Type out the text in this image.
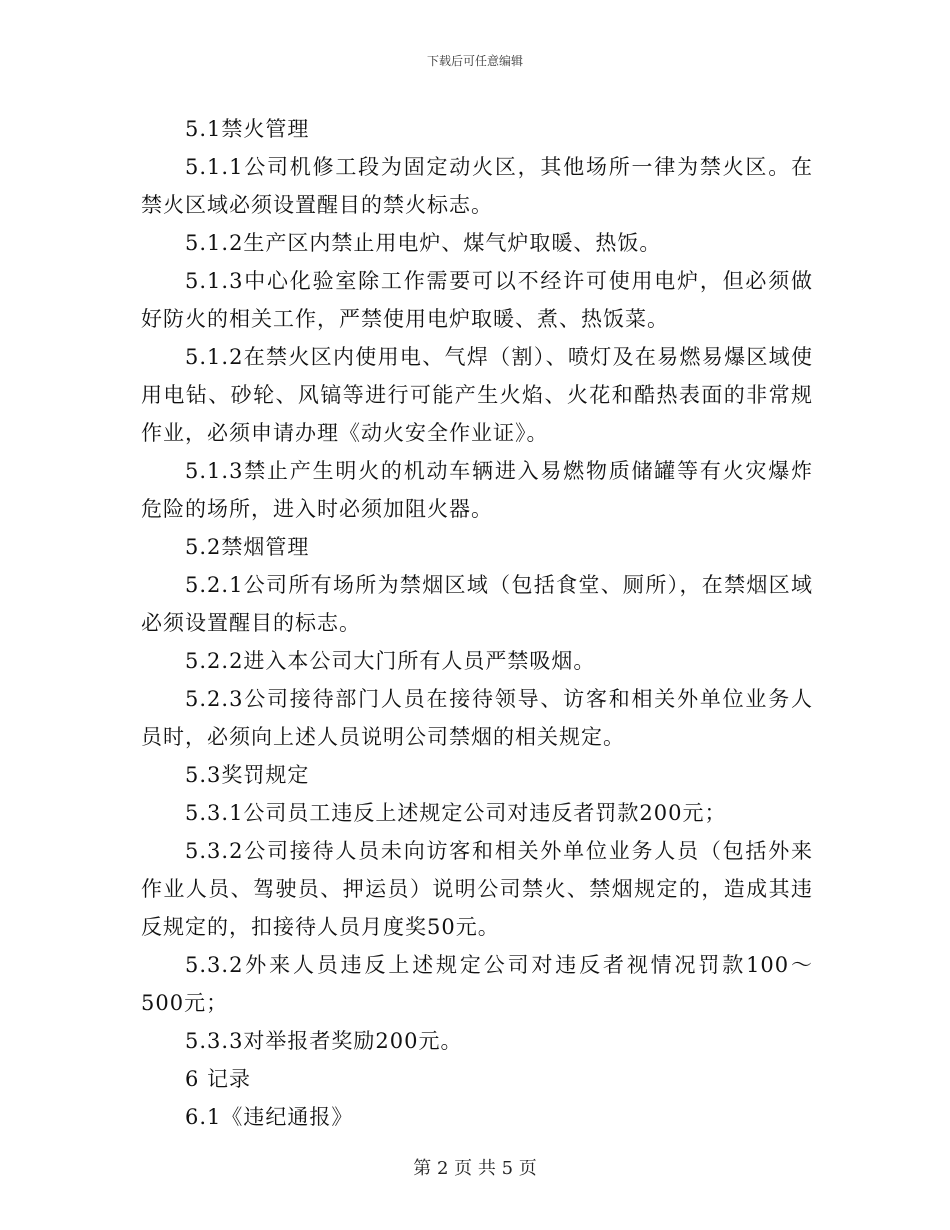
下载后可任意编辑

5.1禁火管理

5.1.1公司机修工段为固定动火区，其他场所一律为禁火区。在禁火区域必须设置醒目的禁火标志。

5.1.2生产区内禁止用电炉、煤气炉取暖、热饭。

5.1.3中心化验室除工作需要可以不经许可使用电炉，但必须做好防火的相关工作，严禁使用电炉取暖、煮、热饭菜。

5.1.2在禁火区内使用电、气焊（割）、喷灯及在易燃易爆区域使用电钻、砂轮、风镐等进行可能产生火焰、火花和酷热表面的非常规作业，必须申请办理《动火安全作业证》。

5.1.3禁止产生明火的机动车辆进入易燃物质储罐等有火灾爆炸危险的场所，进入时必须加阻火器。

5.2禁烟管理

5.2.1公司所有场所为禁烟区域（包括食堂、厕所），在禁烟区域必须设置醒目的标志。

5.2.2进入本公司大门所有人员严禁吸烟。

5.2.3公司接待部门人员在接待领导、访客和相关外单位业务人员时，必须向上述人员说明公司禁烟的相关规定。

5.3奖罚规定

5.3.1公司员工违反上述规定公司对违反者罚款200元；

5.3.2公司接待人员未向访客和相关外单位业务人员（包括外来作业人员、驾驶员、押运员）说明公司禁火、禁烟规定的，造成其违反规定的，扣接待人员月度奖50元。

5.3.2外来人员违反上述规定公司对违反者视情况罚款100～500元；

5.3.3对举报者奖励200元。

6 记录

6.1《违纪通报》

第 2 页 共 5 页
